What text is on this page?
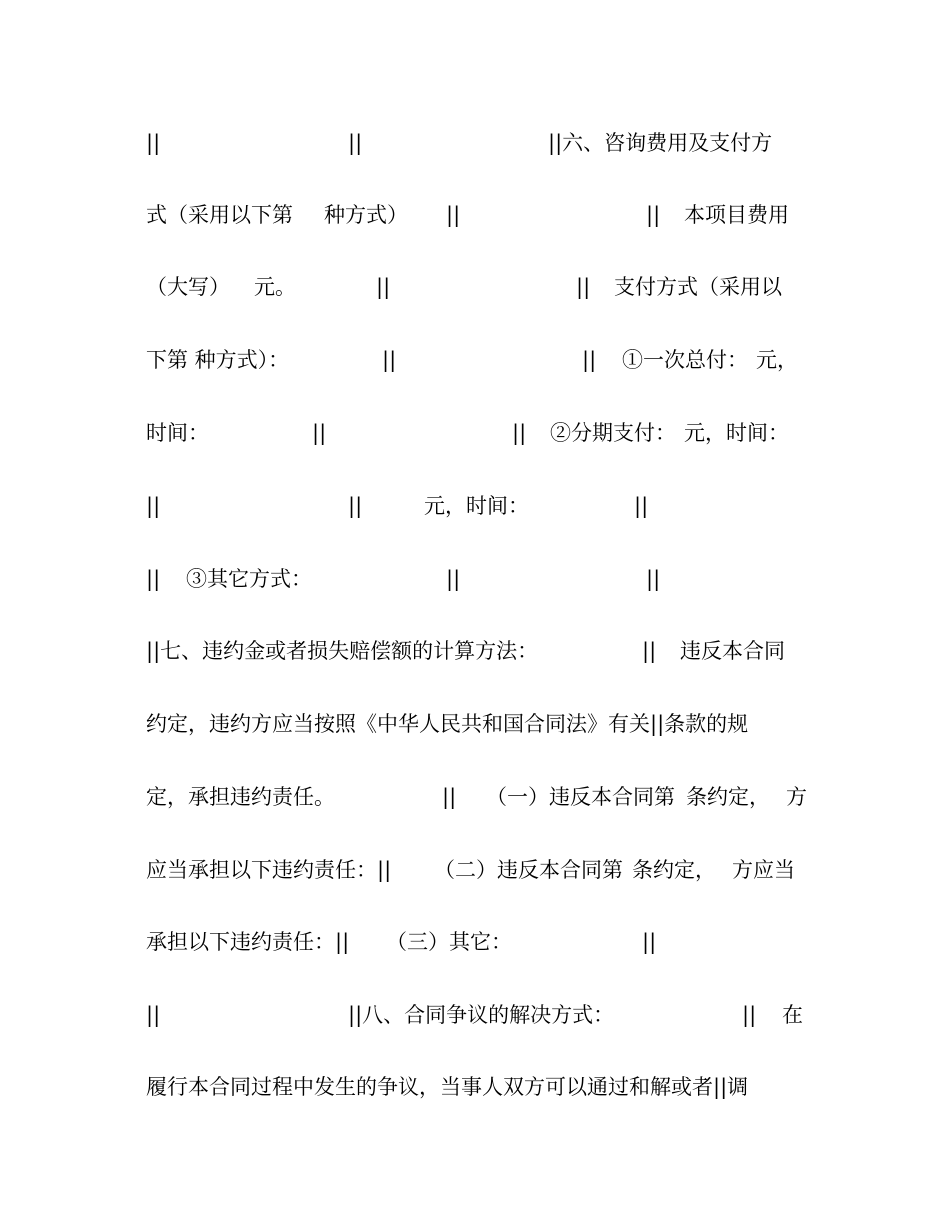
||

	||

	||六、咨询费用及支付方

式（采用以下第

种方式）

||

	||

本项目费用

（大写）

元。

	||

	||

支付方式（采用以

下第 种方式）：

	||

	||

①一次总付：

元，

时间：

	||

	||

②分期支付：

元，时间：

||

	||

	元，时间：

	||

||

③其它方式：

	||

	||

||七、违约金或者损失赔偿额的计算方法：

	||

违反本合同

约定，违约方应当按照《中华人民共和国合同法》有关||条款的规

定，承担违约责任。

	||

（一）违反本合同第

条约定，

方

应当承担以下违约责任：||

（二）违反本合同第

条约定，

方应当

承担以下违约责任：||

（三）其它：

	||

||

	||八、合同争议的解决方式：

	||

在

履行本合同过程中发生的争议，当事人双方可以通过和解或者||调
